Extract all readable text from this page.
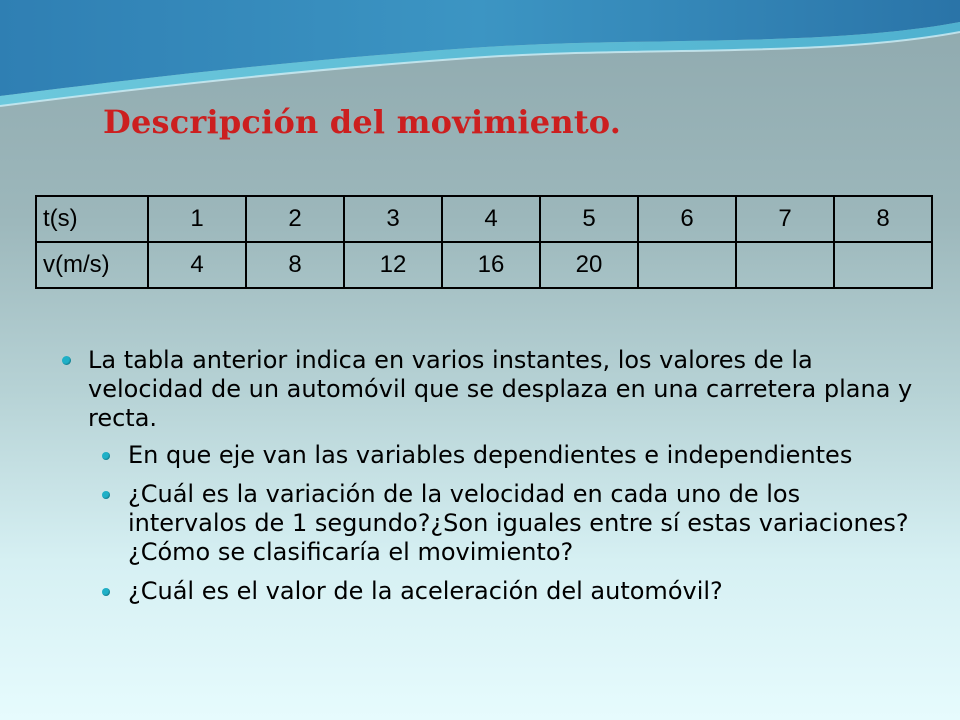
Descripción del movimiento.
t(s)	1	2	3	4	5	6	7	8
v(m/s)	4	8	12	16	20			
La tabla anterior indica en varios instantes, los valores de la velocidad de un automóvil que se desplaza en una carretera plana y recta.
En que eje van las variables dependientes e independientes
¿Cuál es la variación de la velocidad en cada uno de los intervalos de 1 segundo?¿Son iguales entre sí estas variaciones? ¿Cómo se clasificaría el movimiento?
¿Cuál es el valor de la aceleración del automóvil?
